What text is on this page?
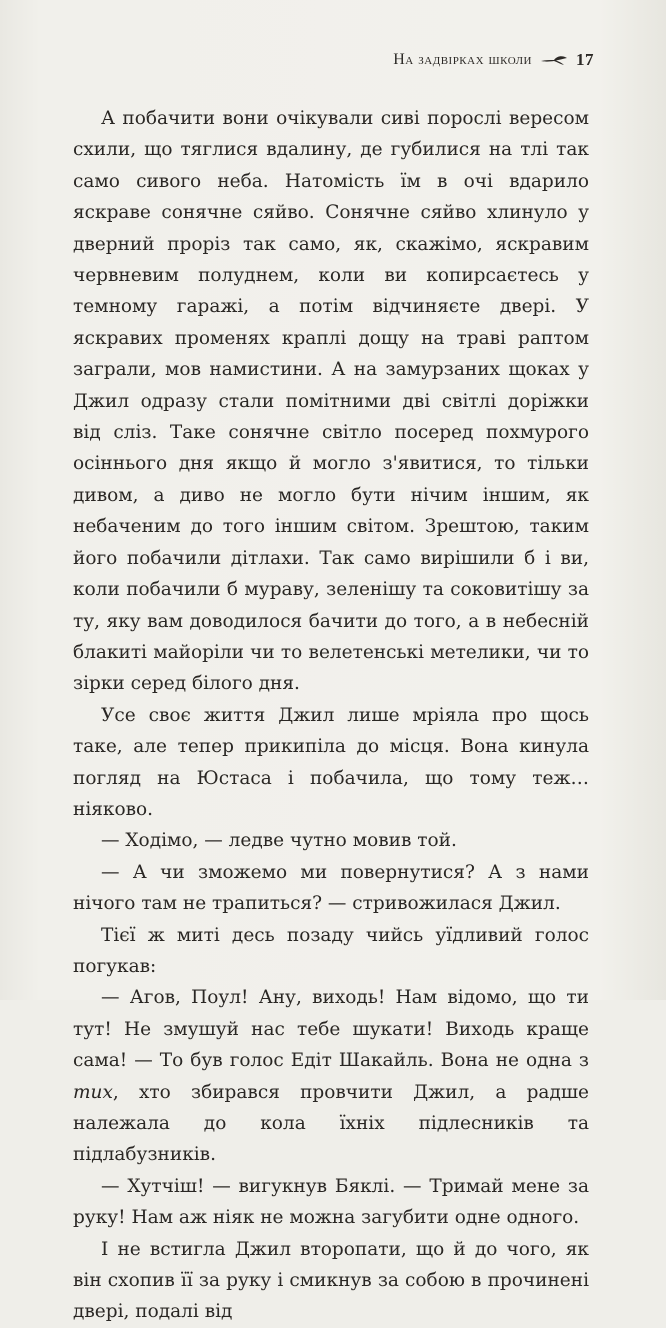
На задвірках школи	17

А побачити вони очікували сиві порослі вересом схили, що тяглися вдалину, де губилися на тлі так само сивого неба. Натомість їм в очі вдарило яскраве сонячне сяйво. Сонячне сяйво хлинуло у дверний проріз так само, як, скажімо, яскравим червневим полуднем, коли ви копирсаєтесь у темному гаражі, а потім відчиняєте двері. У яскравих променях краплі дощу на траві раптом заграли, мов намистини. А на замурзаних щоках у Джил одразу стали помітними дві світлі доріжки від сліз. Таке сонячне світло посеред похмурого осіннього дня якщо й могло з'явитися, то тільки дивом, а диво не могло бути нічим іншим, як небаченим до того іншим світом. Зрештою, таким його побачили дітлахи. Так само вирішили б і ви, коли побачили б мураву, зеленішу та соковитішу за ту, яку вам доводилося бачити до того, а в небесній блакиті майоріли чи то велетенські метелики, чи то зірки серед білого дня.

Усе своє життя Джил лише мріяла про щось таке, але тепер прикипіла до місця. Вона кинула погляд на Юстаса і побачила, що тому теж… ніяково.

— Ходімо, — ледве чутно мовив той.

— А чи зможемо ми повернутися? А з нами нічого там не трапиться? — стривожилася Джил.

Тієї ж миті десь позаду чийсь уїдливий голос погукав:

— Агов, Поул! Ану, виходь! Нам відомо, що ти тут! Не змушуй нас тебе шукати! Виходь краще сама! — То був голос Едіт Шакайль. Вона не одна з тих, хто збирався провчити Джил, а радше належала до кола їхніх підлесників та підлабузників.

— Хутчіш! — вигукнув Бяклі. — Тримай мене за руку! Нам аж ніяк не можна загубити одне одного.

І не встигла Джил второпати, що й до чого, як він схопив її за руку і смикнув за собою в прочинені двері, подалі від
